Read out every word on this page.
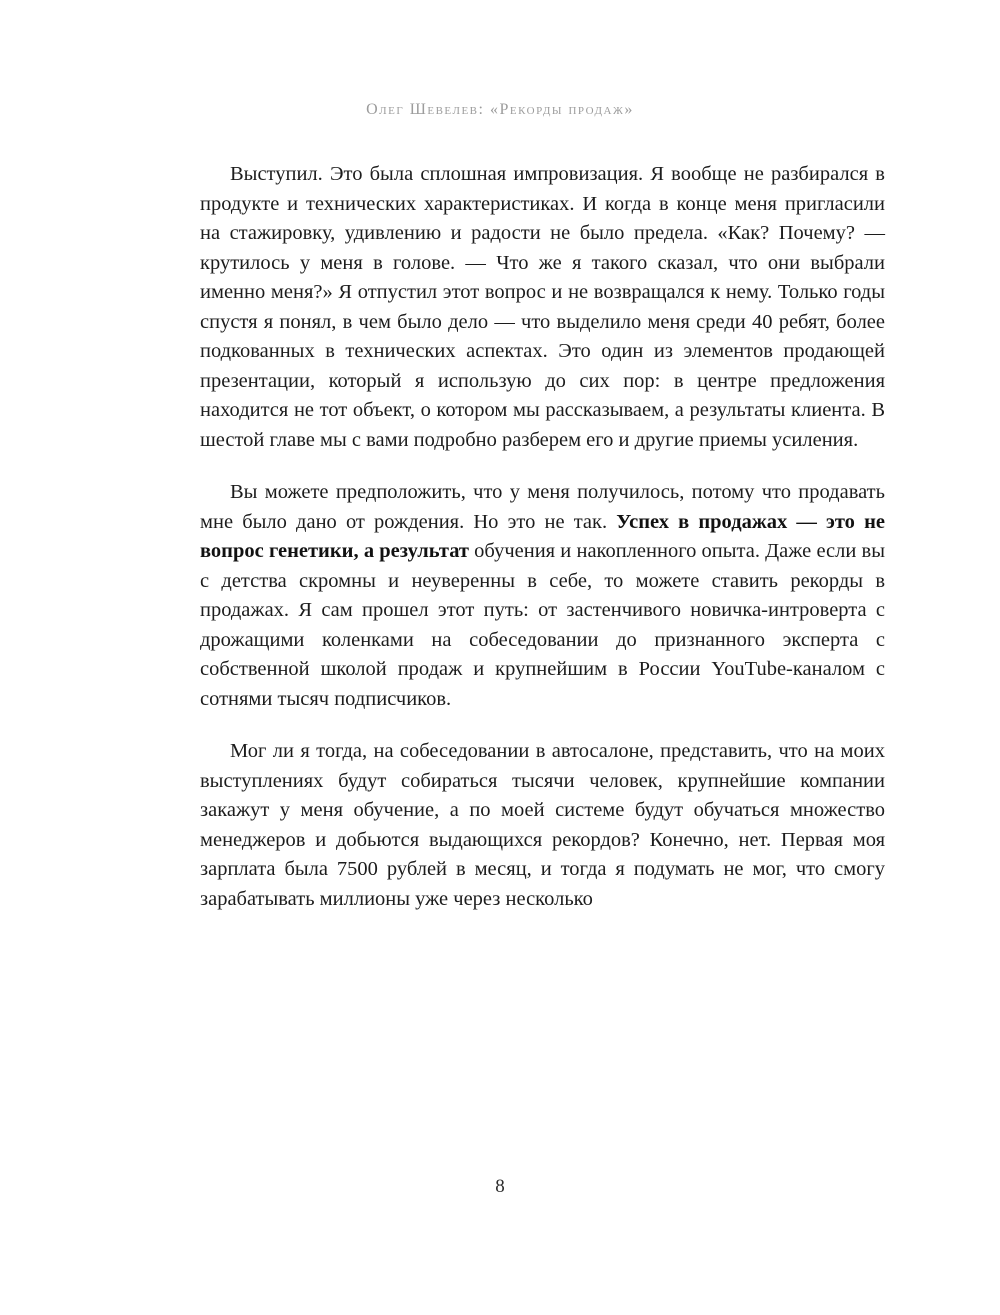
Олег Шевелев: «Рекорды продаж»

Выступил. Это была сплошная импровизация. Я вообще не разбирался в продукте и технических характеристиках. И когда в конце меня пригласили на стажировку, удивлению и радости не было предела. «Как? Почему? — крутилось у меня в голове. — Что же я такого сказал, что они выбрали именно меня?» Я отпустил этот вопрос и не возвращался к нему. Только годы спустя я понял, в чем было дело — что выделило меня среди 40 ребят, более подкованных в технических аспектах. Это один из элементов продающей презентации, который я использую до сих пор: в центре предложения находится не тот объект, о котором мы рассказываем, а результаты клиента. В шестой главе мы с вами подробно разберем его и другие приемы усиления.

Вы можете предположить, что у меня получилось, потому что продавать мне было дано от рождения. Но это не так. Успех в продажах — это не вопрос генетики, а результат обучения и накопленного опыта. Даже если вы с детства скромны и неуверенны в себе, то можете ставить рекорды в продажах. Я сам прошел этот путь: от застенчивого новичка-интроверта с дрожащими коленками на собеседовании до признанного эксперта с собственной школой продаж и крупнейшим в России YouTube-каналом с сотнями тысяч подписчиков.

Мог ли я тогда, на собеседовании в автосалоне, представить, что на моих выступлениях будут собираться тысячи человек, крупнейшие компании закажут у меня обучение, а по моей системе будут обучаться множество менеджеров и добьются выдающихся рекордов? Конечно, нет. Первая моя зарплата была 7500 рублей в месяц, и тогда я подумать не мог, что смогу зарабатывать миллионы уже через несколько

8
